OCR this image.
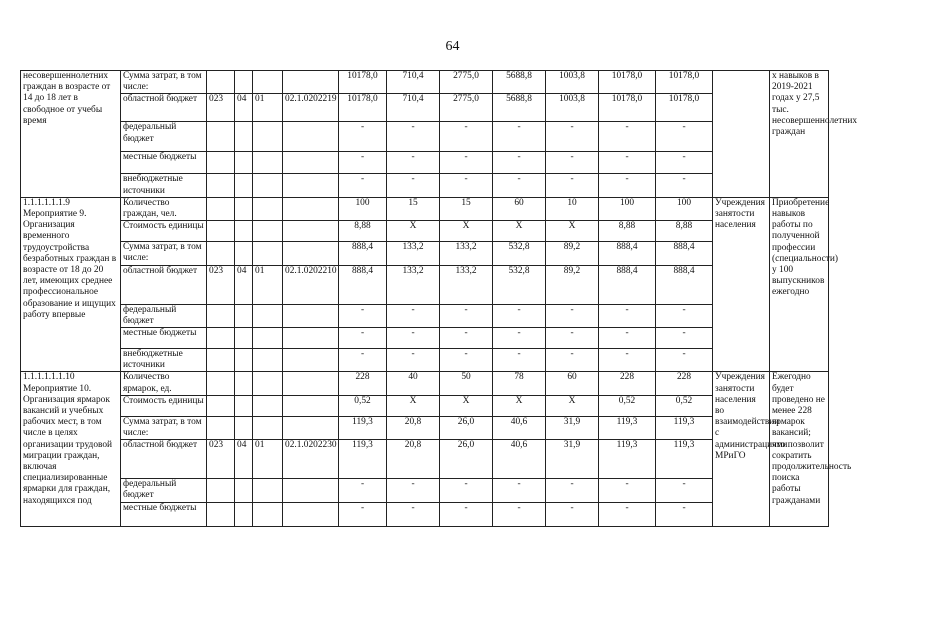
64
несовершеннолетних граждан в возрасте от 14 до 18 лет в свободное от учебы время	Сумма затрат, в том числе:					10178,0	710,4	2775,0	5688,8	1003,8	10178,0	10178,0		х навыков в 2019-2021 годах у 27,5 тыс. несовершеннолетних граждан
	областной бюджет	023	04	01	02.1.0202219	10178,0	710,4	2775,0	5688,8	1003,8	10178,0	10178,0		
	федеральный бюджет					-	-	-	-	-	-	-		
	местные бюджеты					-	-	-	-	-	-	-		
	внебюджетные источники					-	-	-	-	-	-	-		
1.1.1.1.1.1.9 Мероприятие 9. Организация временного трудоустройства безработных граждан в возрасте от 18 до 20 лет, имеющих среднее профессиональное образование и ищущих работу впервые	Количество граждан, чел.					100	15	15	60	10	100	100	Учреждения занятости населения	Приобретение навыков работы по полученной профессии (специальности) у 100 выпускников ежегодно
	Стоимость единицы					8,88	Х	Х	Х	Х	8,88	8,88		
	Сумма затрат, в том числе:					888,4	133,2	133,2	532,8	89,2	888,4	888,4		
	областной бюджет	023	04	01	02.1.0202210	888,4	133,2	133,2	532,8	89,2	888,4	888,4		
	федеральный бюджет					-	-	-	-	-	-	-		
	местные бюджеты					-	-	-	-	-	-	-		
	внебюджетные источники					-	-	-	-	-	-	-		
1.1.1.1.1.1.10 Мероприятие 10. Организация ярмарок вакансий и учебных рабочих мест, в том числе в целях организации трудовой миграции граждан, включая специализированные ярмарки для граждан, находящихся под	Количество ярмарок, ед.					228	40	50	78	60	228	228	Учреждения занятости населения во взаимодействии с администрациями МРиГО	Ежегодно будет проведено не менее 228 ярмарок вакансий; что позволит сократить продолжительность поиска работы гражданами
	Стоимость единицы					0,52	Х	Х	Х	Х	0,52	0,52		
	Сумма затрат, в том числе:					119,3	20,8	26,0	40,6	31,9	119,3	119,3		
	областной бюджет	023	04	01	02.1.0202230	119,3	20,8	26,0	40,6	31,9	119,3	119,3		
	федеральный бюджет					-	-	-	-	-	-	-		
	местные бюджеты					-	-	-	-	-	-	-		
